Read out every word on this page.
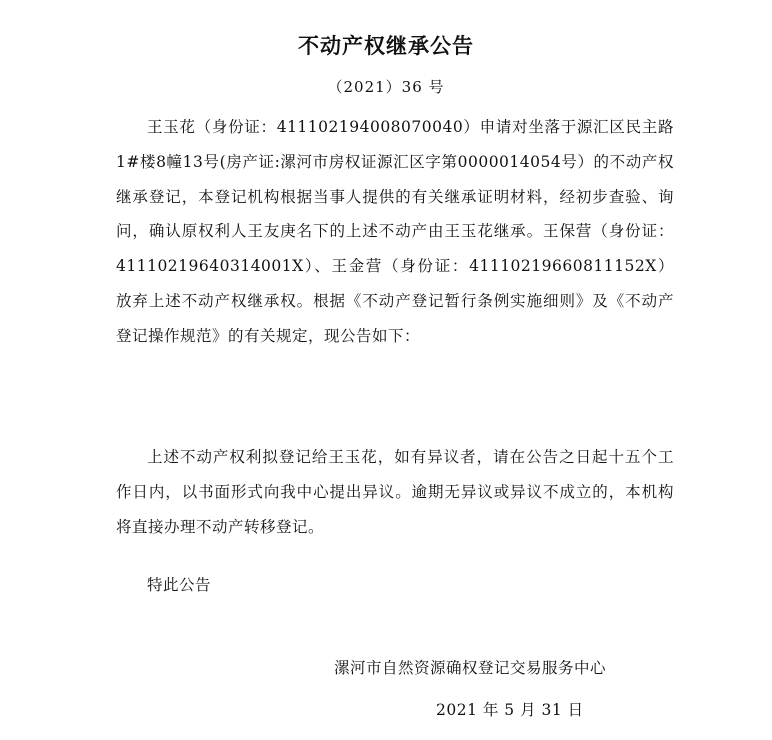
不动产权继承公告
（2021）36 号
王玉花（身份证：411102194008070040）申请对坐落于源汇区民主路1#楼8幢13号(房产证:漯河市房权证源汇区字第0000014054号）的不动产权继承登记，本登记机构根据当事人提供的有关继承证明材料，经初步查验、询问，确认原权利人王友庚名下的上述不动产由王玉花继承。王保营（身份证：41110219640314001X）、王金营（身份证：41110219660811152X）放弃上述不动产权继承权。根据《不动产登记暂行条例实施细则》及《不动产登记操作规范》的有关规定，现公告如下：
上述不动产权利拟登记给王玉花，如有异议者，请在公告之日起十五个工作日内，以书面形式向我中心提出异议。逾期无异议或异议不成立的，本机构将直接办理不动产转移登记。
特此公告
漯河市自然资源确权登记交易服务中心
2021 年 5 月 31 日
